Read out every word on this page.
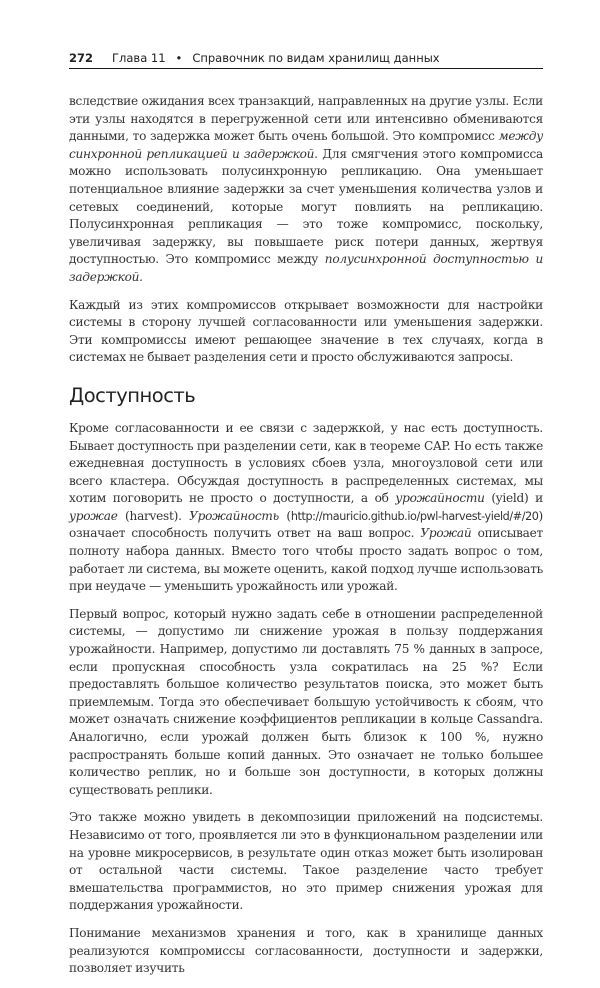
272	Глава 11 • Справочник по видам хранилищ данных

вследствие ожидания всех транзакций, направленных на другие узлы. Если эти узлы находятся в перегруженной сети или интенсивно обмениваются данными, то задержка может быть очень большой. Это компромисс между синхронной репликацией и задержкой. Для смягчения этого компромисса можно использовать полусинхронную репликацию. Она уменьшает потенциальное влияние задержки за счет уменьшения количества узлов и сетевых соединений, которые могут повлиять на репликацию. Полусинхронная репликация — это тоже компромисс, поскольку, увеличивая задержку, вы повышаете риск потери данных, жертвуя доступностью. Это компромисс между полусинхронной доступностью и задержкой.

Каждый из этих компромиссов открывает возможности для настройки системы в сторону лучшей согласованности или уменьшения задержки. Эти компромиссы имеют решающее значение в тех случаях, когда в системах не бывает разделения сети и просто обслуживаются запросы.

Доступность

Кроме согласованности и ее связи с задержкой, у нас есть доступность. Бывает доступность при разделении сети, как в теореме CAP. Но есть также ежедневная доступность в условиях сбоев узла, многоузловой сети или всего кластера. Обсуждая доступность в распределенных системах, мы хотим поговорить не просто о доступности, а об урожайности (yield) и урожае (harvest). Урожайность (http://mauricio.github.io/pwl-harvest-yield/#/20) означает способность получить ответ на ваш вопрос. Урожай описывает полноту набора данных. Вместо того чтобы просто задать вопрос о том, работает ли система, вы можете оценить, какой подход лучше использовать при неудаче — уменьшить урожайность или урожай.

Первый вопрос, который нужно задать себе в отношении распределенной системы, — допустимо ли снижение урожая в пользу поддержания урожайности. Например, допустимо ли доставлять 75 % данных в запросе, если пропускная способность узла сократилась на 25 %? Если предоставлять большое количество результатов поиска, это может быть приемлемым. Тогда это обеспечивает большую устойчивость к сбоям, что может означать снижение коэффициентов репликации в кольце Cassandra. Аналогично, если урожай должен быть близок к 100 %, нужно распространять больше копий данных. Это означает не только большее количество реплик, но и больше зон доступности, в которых должны существовать реплики.

Это также можно увидеть в декомпозиции приложений на подсистемы. Независимо от того, проявляется ли это в функциональном разделении или на уровне микросервисов, в результате один отказ может быть изолирован от остальной части системы. Такое разделение часто требует вмешательства программистов, но это пример снижения урожая для поддержания урожайности.

Понимание механизмов хранения и того, как в хранилище данных реализуются компромиссы согласованности, доступности и задержки, позволяет изучить
